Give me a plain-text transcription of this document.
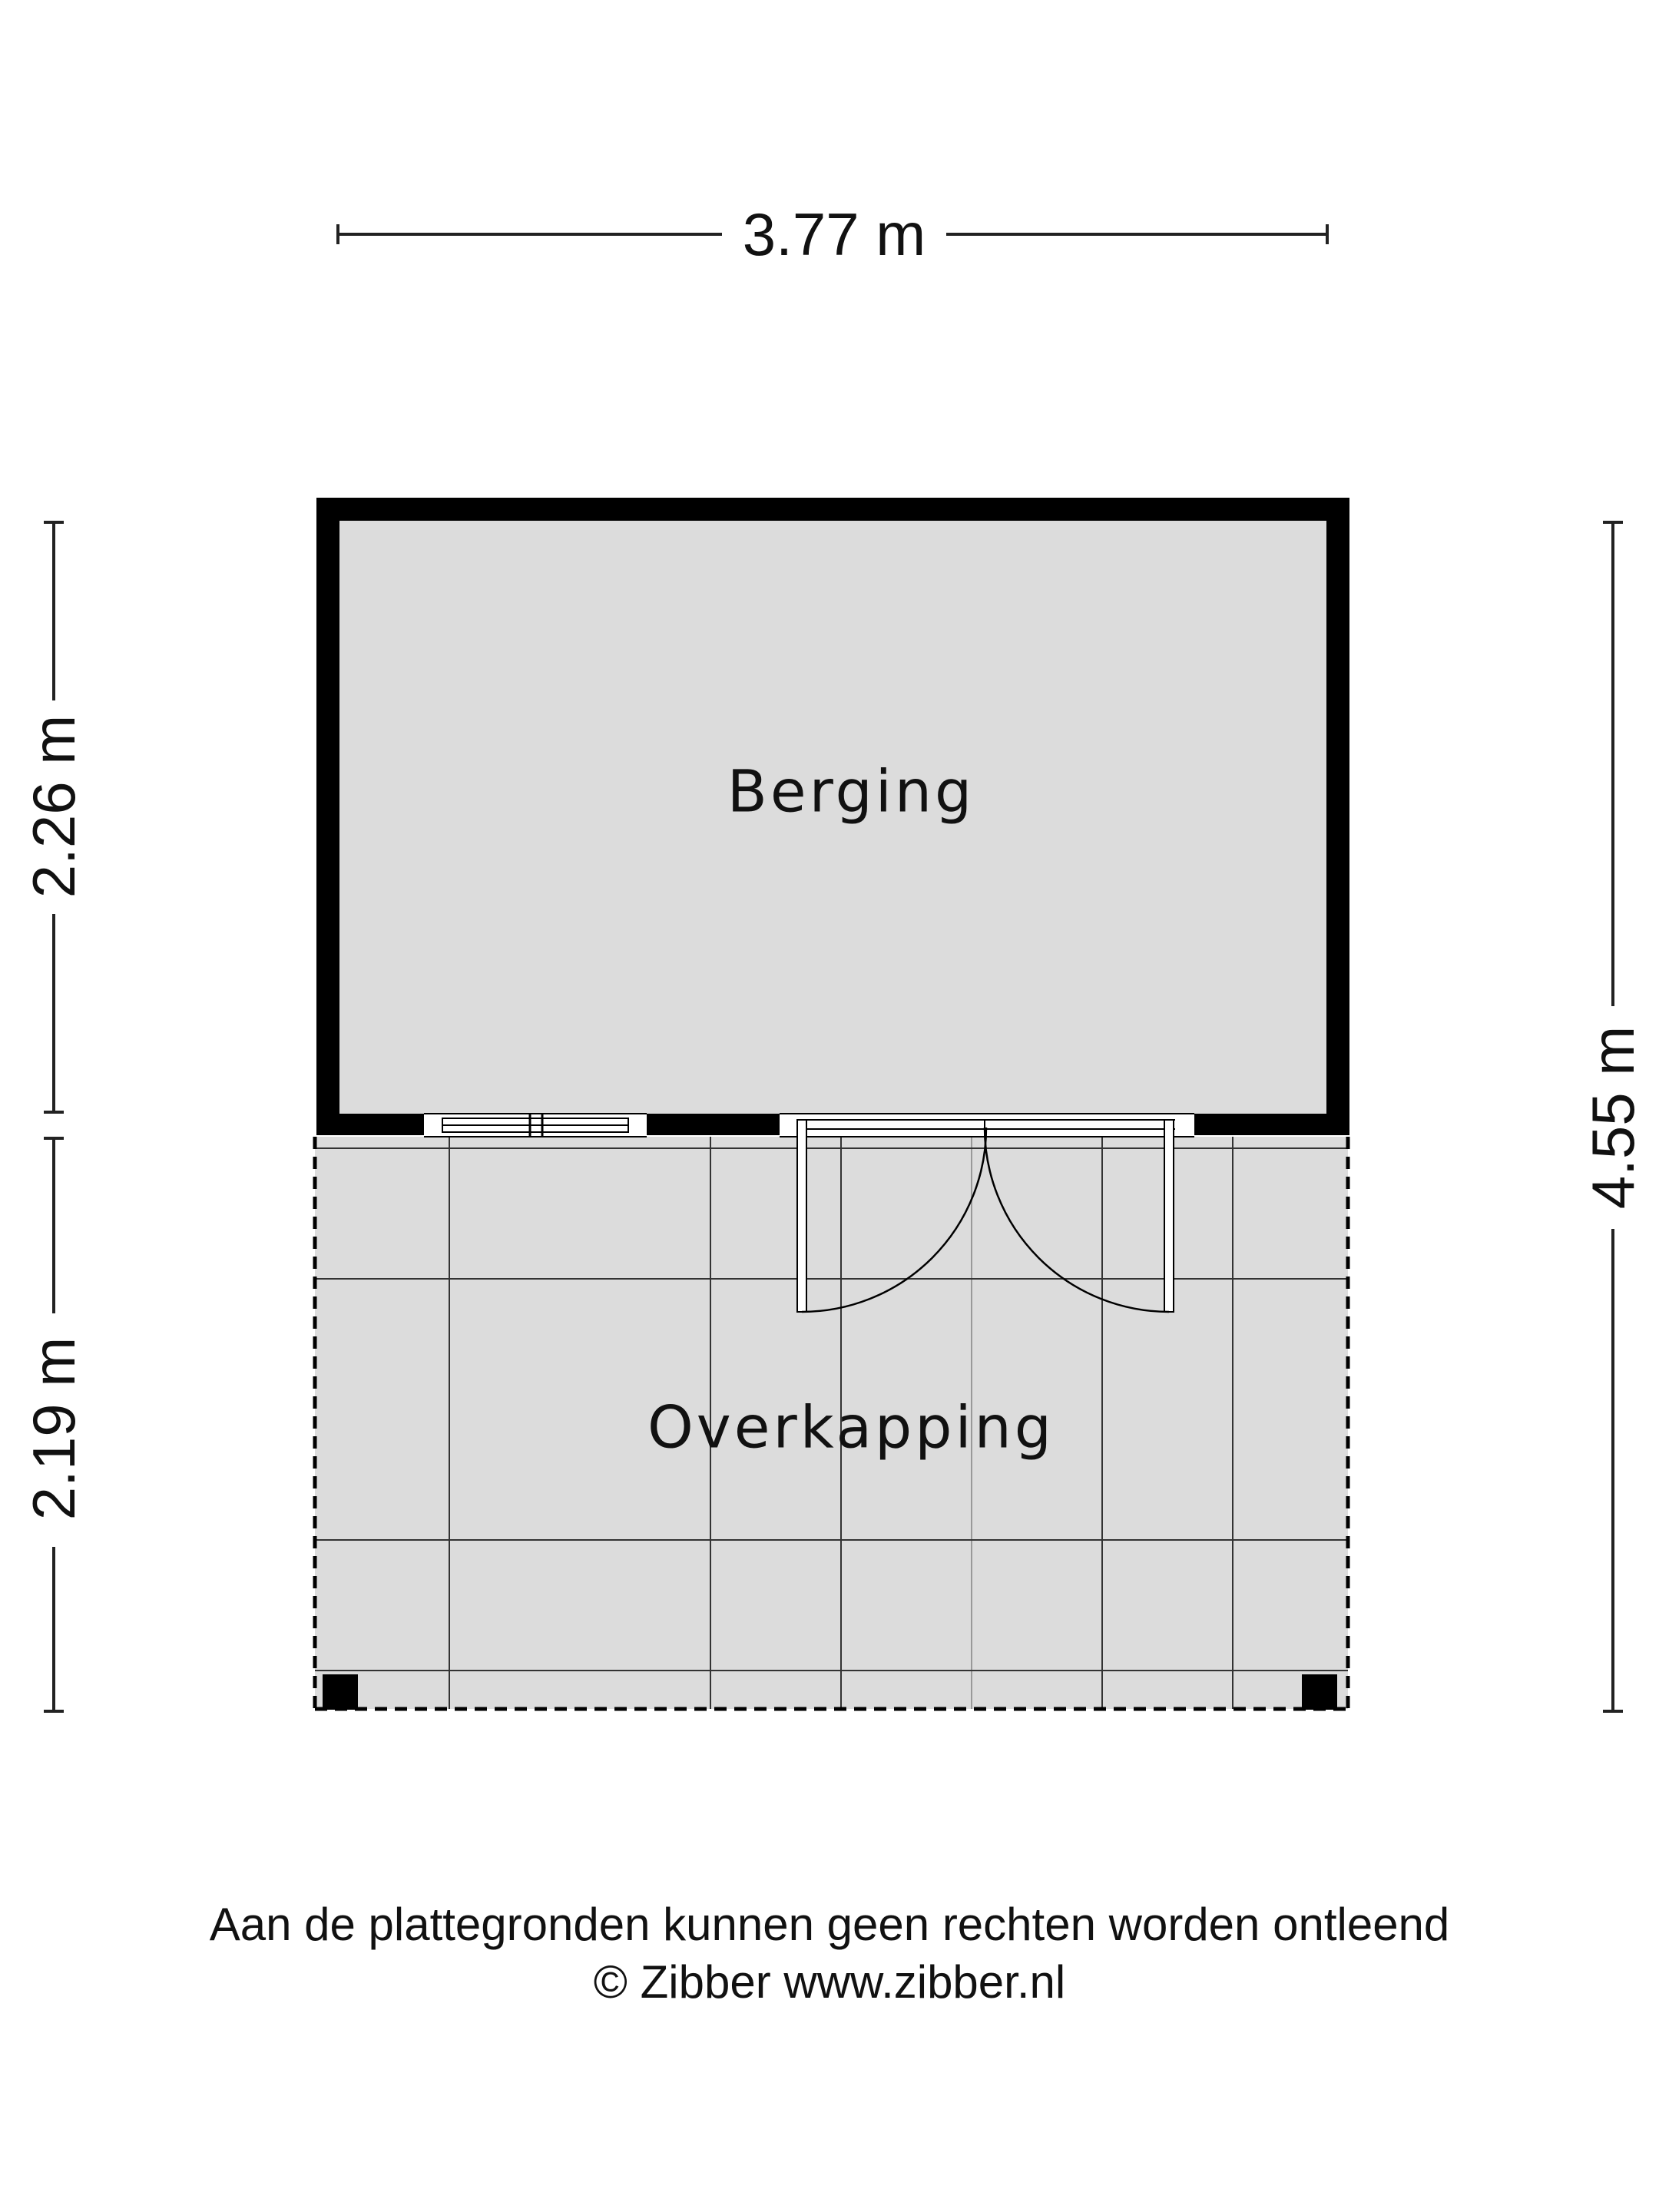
3.77 m
2.26 m
2.19 m
4.55 m
Berging
Overkapping
Aan de plattegronden kunnen geen rechten worden ontleend
© Zibber www.zibber.nl
